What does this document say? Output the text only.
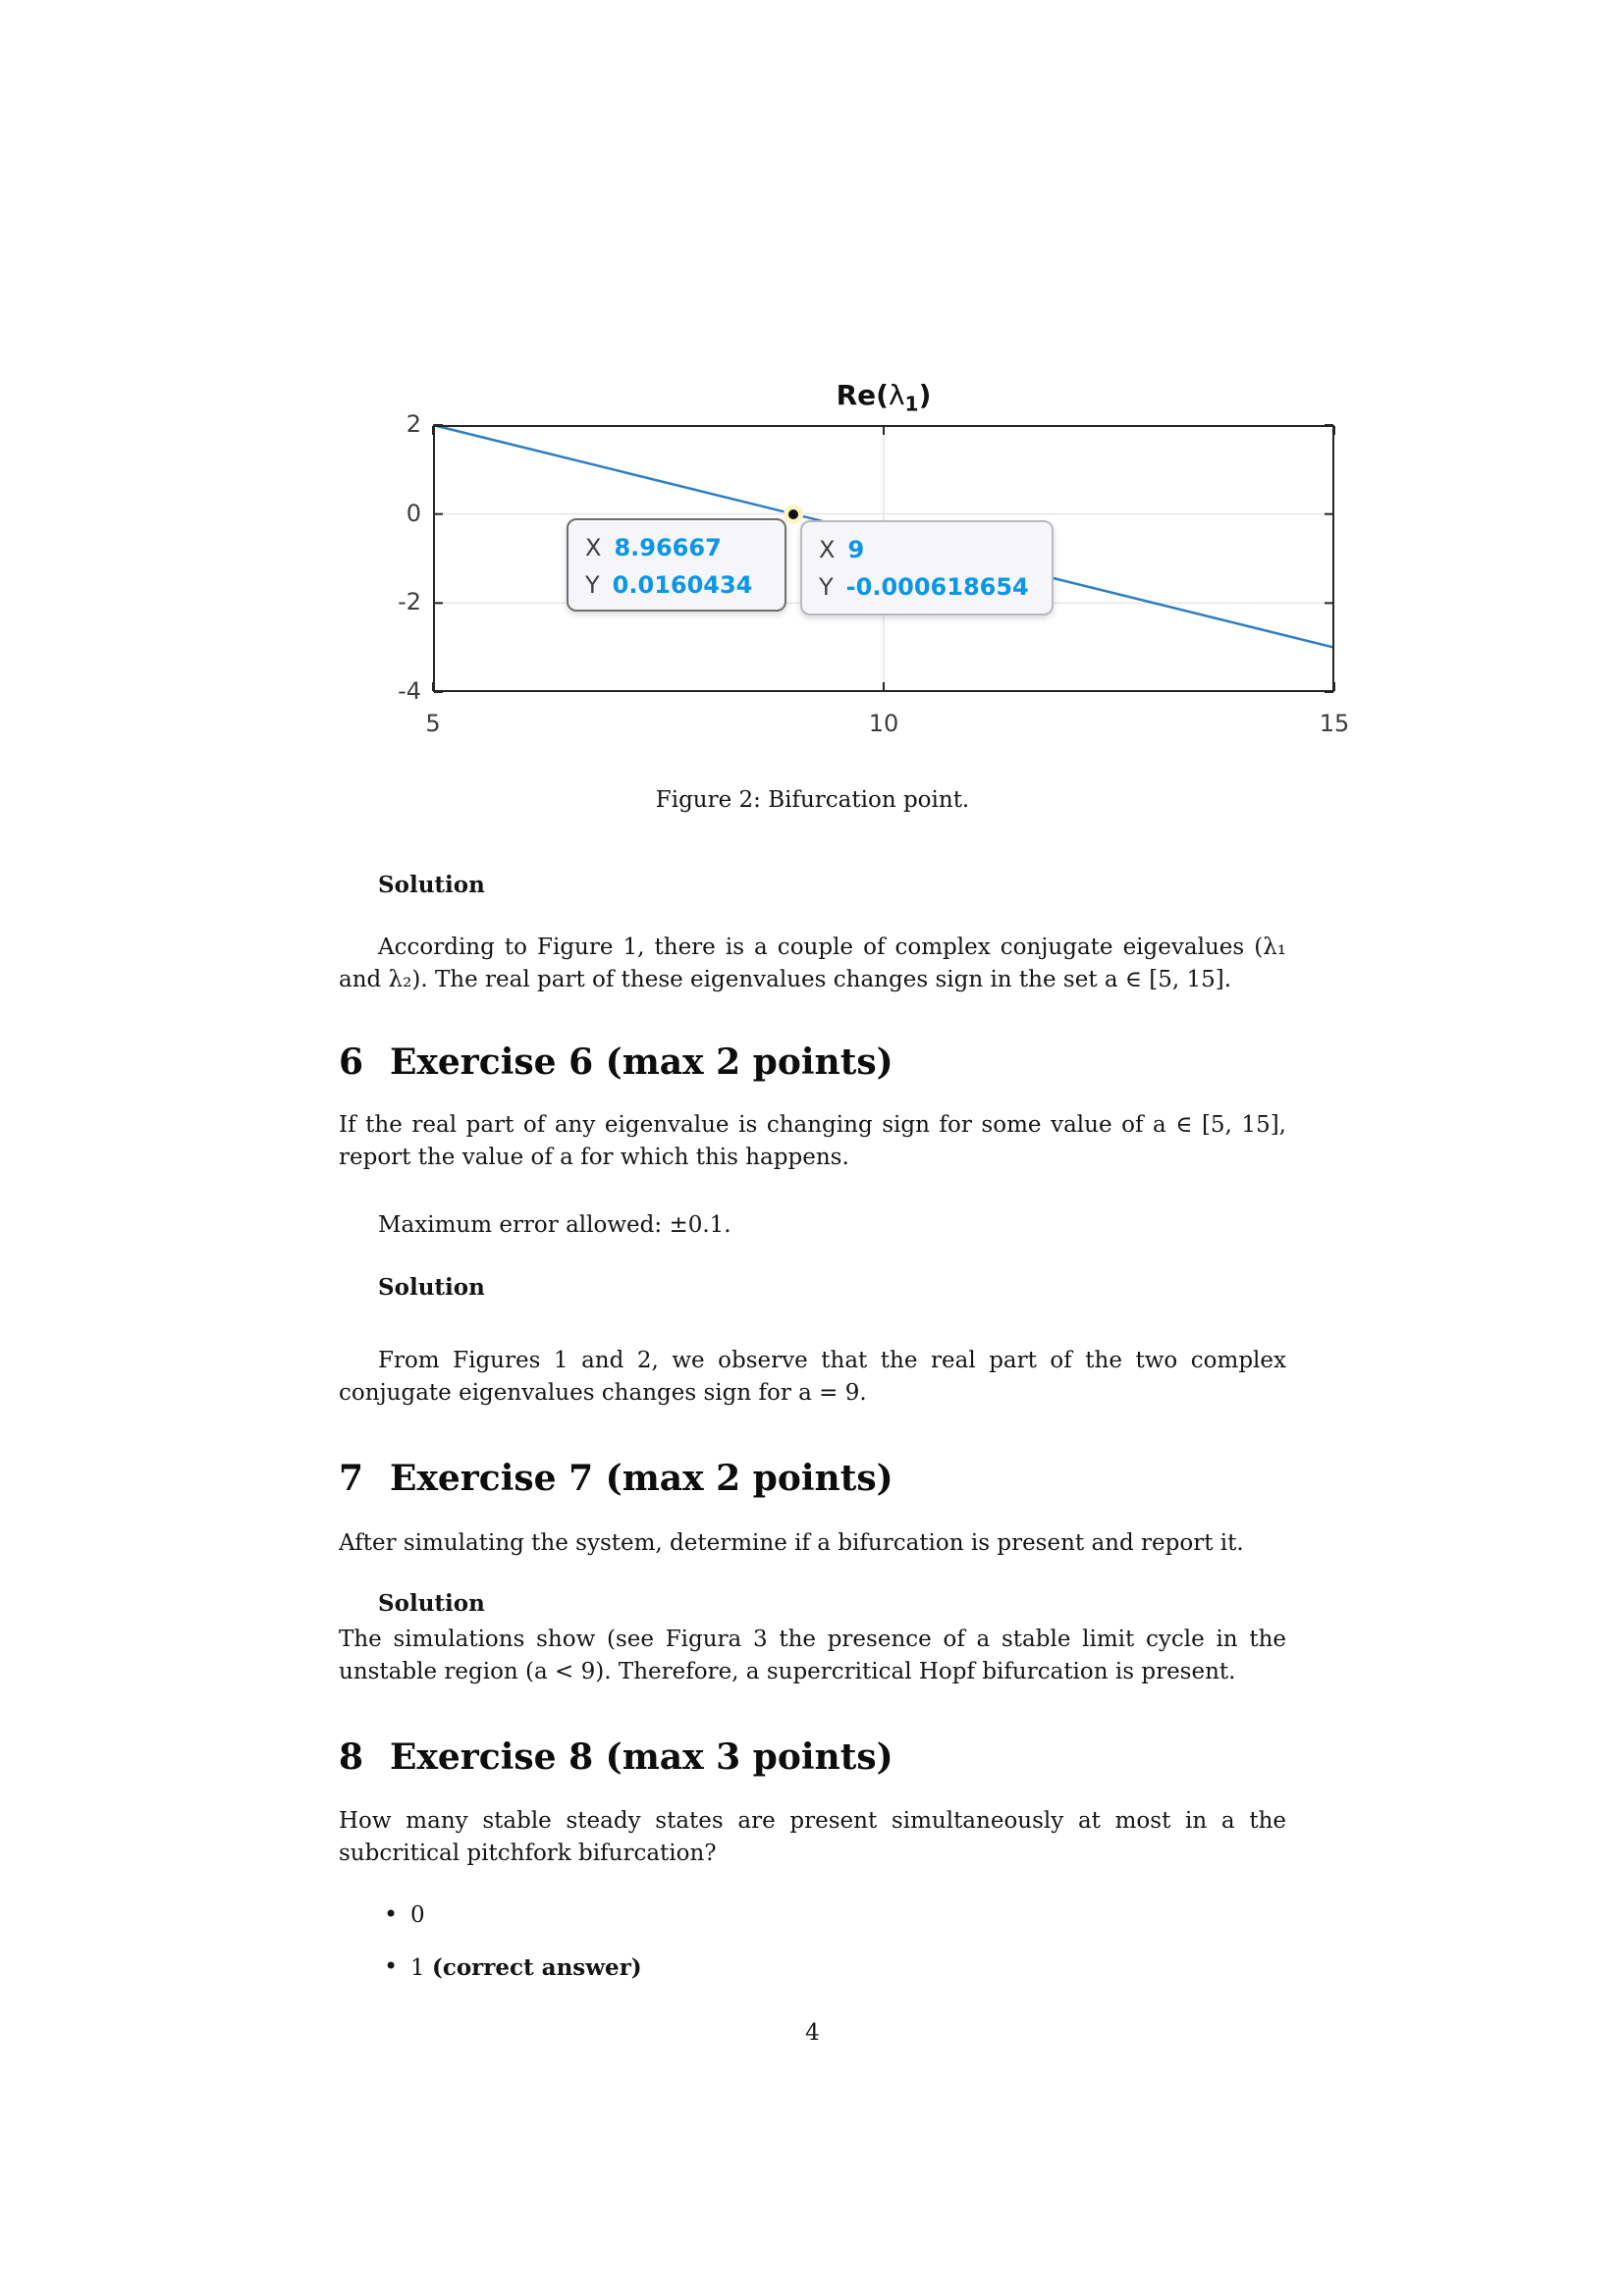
$Re(\lambda_1)$
X 8.96667
Y 0.0160434
X 9
Y -0.000618654
5	10	15
2
0
-2
-4
Figure 2: Bifurcation point.
Solution
According to Figure 1, there is a couple of complex conjugate eigevalues (λ₁
and λ₂). The real part of these eigenvalues changes sign in the set a ∈ [5, 15].
6 Exercise 6 (max 2 points)
If the real part of any eigenvalue is changing sign for some value of a ∈ [5, 15],
report the value of a for which this happens.
Maximum error allowed: ±0.1.
Solution
From Figures 1 and 2, we observe that the real part of the two complex
conjugate eigenvalues changes sign for a = 9.
7 Exercise 7 (max 2 points)
After simulating the system, determine if a bifurcation is present and report it.
Solution
The simulations show (see Figura 3 the presence of a stable limit cycle in the
unstable region (a < 9). Therefore, a supercritical Hopf bifurcation is present.
8 Exercise 8 (max 3 points)
How many stable steady states are present simultaneously at most in a the
subcritical pitchfork bifurcation?
• 0
• 1 (correct answer)
4
